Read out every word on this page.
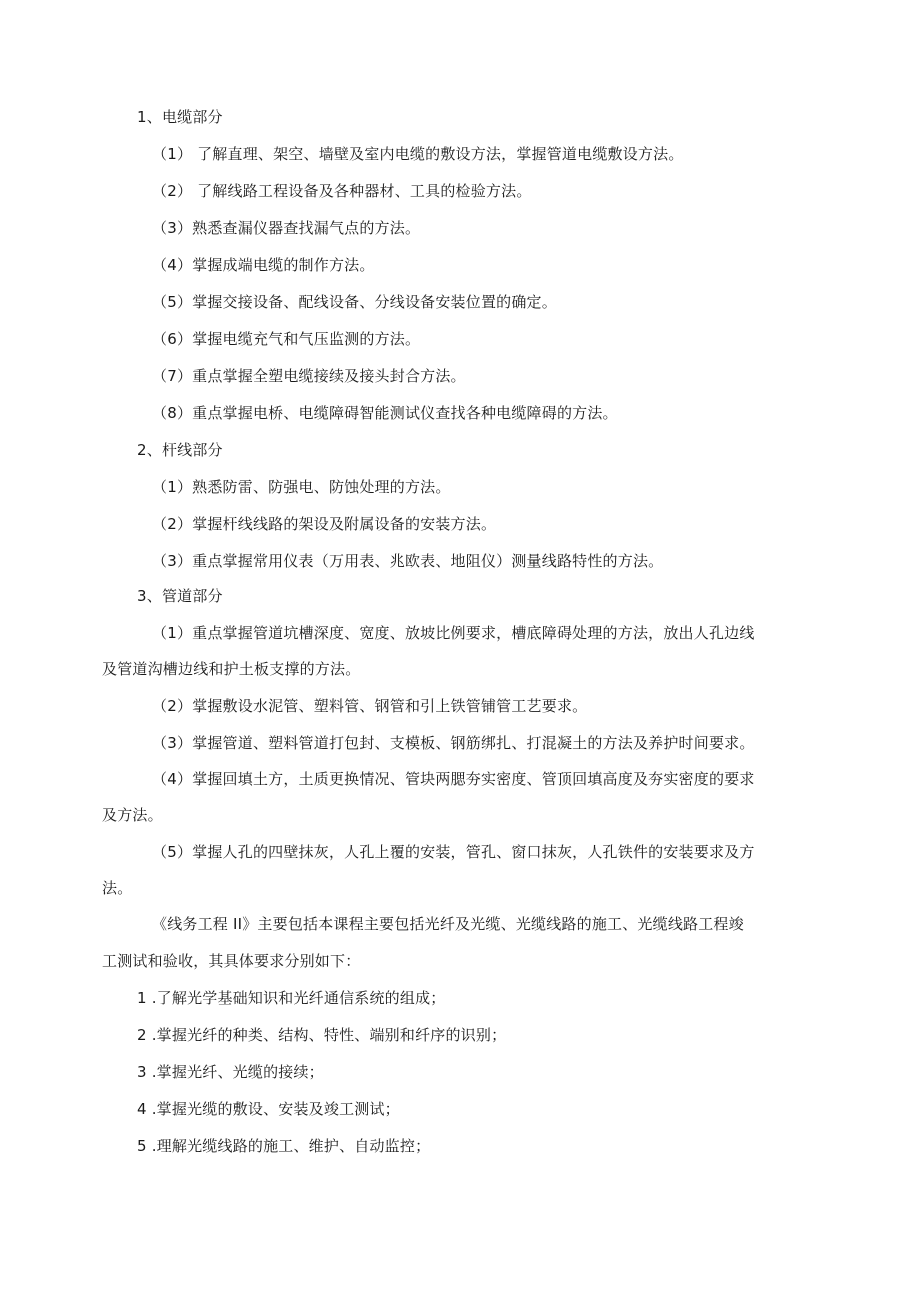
1、电缆部分
（1） 了解直理、架空、墙壁及室内电缆的敷设方法，掌握管道电缆敷设方法。
（2） 了解线路工程设备及各种器材、工具的检验方法。
（3）熟悉查漏仪器查找漏气点的方法。
（4）掌握成端电缆的制作方法。
（5）掌握交接设备、配线设备、分线设备安装位置的确定。
（6）掌握电缆充气和气压监测的方法。
（7）重点掌握全塑电缆接续及接头封合方法。
（8）重点掌握电桥、电缆障碍智能测试仪查找各种电缆障碍的方法。
2、杆线部分
（1）熟悉防雷、防强电、防蚀处理的方法。
（2）掌握杆线线路的架设及附属设备的安装方法。
（3）重点掌握常用仪表（万用表、兆欧表、地阻仪）测量线路特性的方法。
3、管道部分
（1）重点掌握管道坑槽深度、宽度、放坡比例要求，槽底障碍处理的方法，放出人孔边线
及管道沟槽边线和护土板支撑的方法。
（2）掌握敷设水泥管、塑料管、钢管和引上铁管铺管工艺要求。
（3）掌握管道、塑料管道打包封、支模板、钢筋绑扎、打混凝土的方法及养护时间要求。
（4）掌握回填土方，土质更换情况、管块两腮夯实密度、管顶回填高度及夯实密度的要求
及方法。
（5）掌握人孔的四壁抹灰，人孔上覆的安装，管孔、窗口抹灰，人孔铁件的安装要求及方
法。
《线务工程 II》主要包括本课程主要包括光纤及光缆、光缆线路的施工、光缆线路工程竣
工测试和验收，其具体要求分别如下：
1 .了解光学基础知识和光纤通信系统的组成；
2 .掌握光纤的种类、结构、特性、端别和纤序的识别；
3 .掌握光纤、光缆的接续；
4 .掌握光缆的敷设、安装及竣工测试；
5 .理解光缆线路的施工、维护、自动监控；
